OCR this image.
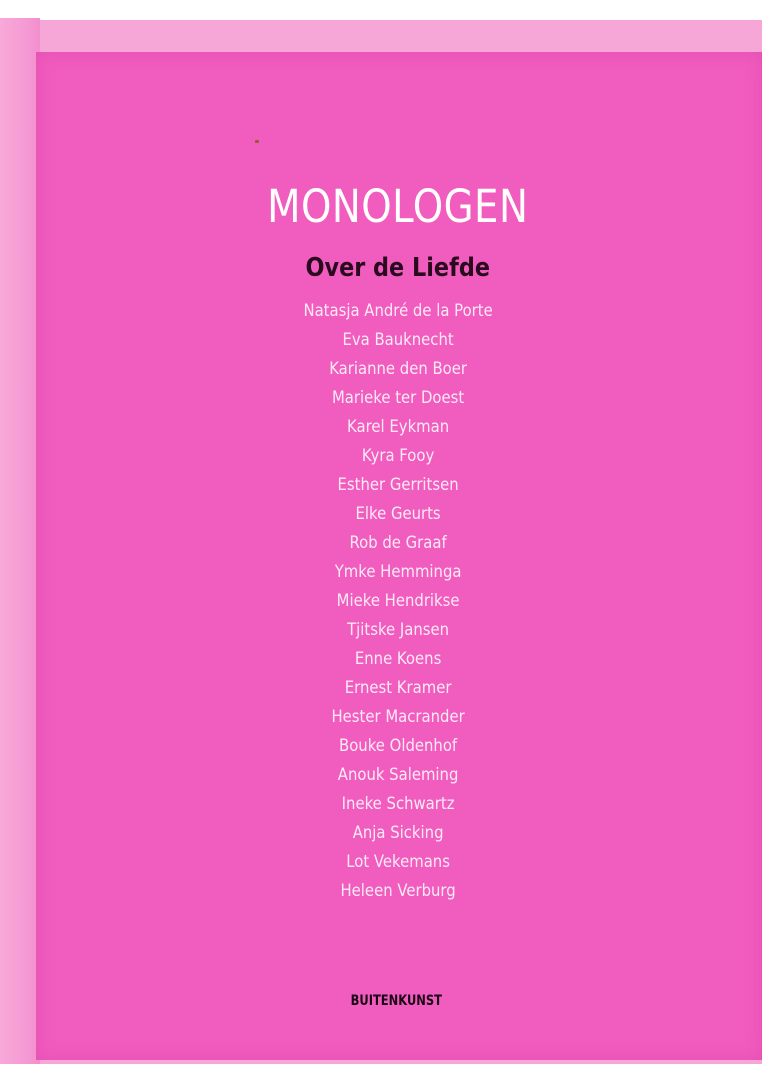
MONOLOGEN
Over de Liefde
Natasja André de la Porte
Eva Bauknecht
Karianne den Boer
Marieke ter Doest
Karel Eykman
Kyra Fooy
Esther Gerritsen
Elke Geurts
Rob de Graaf
Ymke Hemminga
Mieke Hendrikse
Tjitske Jansen
Enne Koens
Ernest Kramer
Hester Macrander
Bouke Oldenhof
Anouk Saleming
Ineke Schwartz
Anja Sicking
Lot Vekemans
Heleen Verburg
BUITENKUNST
